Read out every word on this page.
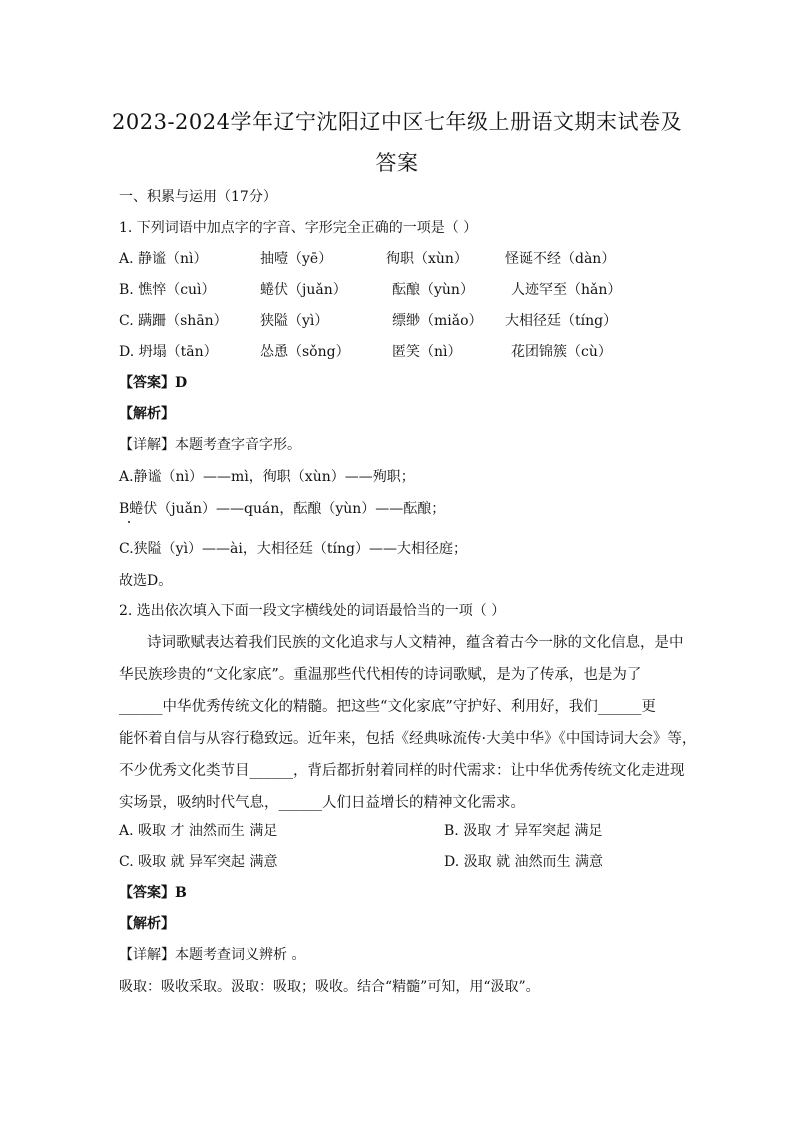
2023-2024学年辽宁沈阳辽中区七年级上册语文期末试卷及
答案
一、积累与运用（17分）
1. 下列词语中加点字的字音、字形完全正确的一项是（ ）
A. 静谧（nì）	抽噎（yē）	徇职（xùn）	怪诞不经（dàn）
B. 憔悴（cuì）	蜷伏（juǎn）	酝酿（yùn）	人迹罕至（hǎn）
C. 蹒跚（shān） 狭隘（yì）	缥缈（miǎo） 大相径廷（tíng）
D. 坍塌（tān）	怂恿（sǒng）	匿笑（nì）	花团锦簇（cù）
【答案】D
【解析】
【详解】本题考查字音字形。
A.静谧（nì）——mì，徇职（xùn）——殉职；
B蜷伏（juǎn）——quán，酝酿（yùn）——酝酿；
C.狭隘（yì）——ài，大相径廷（tíng）——大相径庭；
故选D。
2. 选出依次填入下面一段文字横线处的词语最恰当的一项（ ）
诗词歌赋表达着我们民族的文化追求与人文精神，蕴含着古今一脉的文化信息，是中
华民族珍贵的“文化家底”。重温那些代代相传的诗词歌赋，是为了传承，也是为了
______中华优秀传统文化的精髓。把这些“文化家底”守护好、利用好，我们______更
能怀着自信与从容行稳致远。近年来，包括《经典咏流传·大美中华》《中国诗词大会》等，
不少优秀文化类节目______，背后都折射着同样的时代需求：让中华优秀传统文化走进现
实场景，吸纳时代气息，______人们日益增长的精神文化需求。
A. 吸取 才 油然而生 满足	B. 汲取 才 异军突起 满足
C. 吸取 就 异军突起 满意	D. 汲取 就 油然而生 满意
【答案】B
【解析】
【详解】本题考查词义辨析 。
吸取：吸收采取。汲取：吸取；吸收。结合“精髓”可知，用“汲取”。
